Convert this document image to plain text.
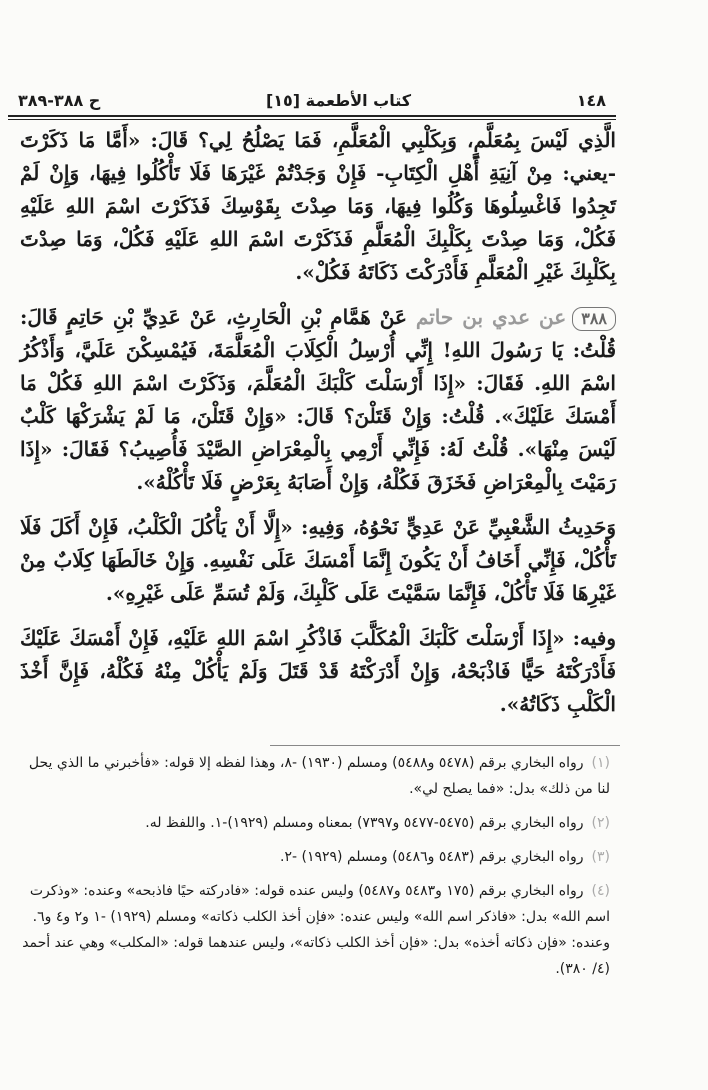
ح ٣٨٨-٣٨٩	[١٥] كتاب الأطعمة	١٤٨

الَّذِي لَيْسَ بِمُعَلَّمٍ، وَبِكَلْبِي الْمُعَلَّمِ، فَمَا يَصْلُحُ لِي؟ قَالَ: «أَمَّا مَا ذَكَرْتَ -يعني: مِنْ آنِيَةِ أَهْلِ الْكِتَابِ- فَإِنْ وَجَدْتُمْ غَيْرَهَا فَلَا تَأْكُلُوا فِيهَا، وَإِنْ لَمْ تَجِدُوا فَاغْسِلُوهَا وَكُلُوا فِيهَا، وَمَا صِدْتَ بِقَوْسِكَ فَذَكَرْتَ اسْمَ اللهِ عَلَيْهِ فَكُلْ، وَمَا صِدْتَ بِكَلْبِكَ الْمُعَلَّمِ فَذَكَرْتَ اسْمَ اللهِ عَلَيْهِ فَكُلْ، وَمَا صِدْتَ بِكَلْبِكَ غَيْرِ الْمُعَلَّمِ فَأَدْرَكْتَ ذَكَاتَهُ فَكُلْ».

٣٨٨عن عدي بن حاتم عَنْ هَمَّامِ بْنِ الْحَارِثِ، عَنْ عَدِيِّ بْنِ حَاتِمٍ قَالَ: قُلْتُ: يَا رَسُولَ اللهِ! إِنِّي أُرْسِلُ الْكِلَابَ الْمُعَلَّمَةَ، فَيُمْسِكْنَ عَلَيَّ، وَأَذْكُرُ اسْمَ اللهِ. فَقَالَ: «إِذَا أَرْسَلْتَ كَلْبَكَ الْمُعَلَّمَ، وَذَكَرْتَ اسْمَ اللهِ فَكُلْ مَا أَمْسَكَ عَلَيْكَ». قُلْتُ: وَإِنْ قَتَلْنَ؟ قَالَ: «وَإِنْ قَتَلْنَ، مَا لَمْ يَشْرَكْهَا كَلْبٌ لَيْسَ مِنْهَا». قُلْتُ لَهُ: فَإِنِّي أَرْمِي بِالْمِعْرَاضِ الصَّيْدَ فَأُصِيبُ؟ فَقَالَ: «إِذَا رَمَيْتَ بِالْمِعْرَاضِ فَخَزَقَ فَكُلْهُ، وَإِنْ أَصَابَهُ بِعَرْضٍ فَلَا تَأْكُلْهُ».

وَحَدِيثُ الشَّعْبِيِّ عَنْ عَدِيٍّ نَحْوُهُ، وَفِيهِ: «إِلَّا أَنْ يَأْكُلَ الْكَلْبُ، فَإِنْ أَكَلَ فَلَا تَأْكُلْ، فَإِنِّي أَخَافُ أَنْ يَكُونَ إِنَّمَا أَمْسَكَ عَلَى نَفْسِهِ. وَإِنْ خَالَطَهَا كِلَابٌ مِنْ غَيْرِهَا فَلَا تَأْكُلْ، فَإِنَّمَا سَمَّيْتَ عَلَى كَلْبِكَ، وَلَمْ تُسَمِّ عَلَى غَيْرِهِ».

وفيه: «إِذَا أَرْسَلْتَ كَلْبَكَ الْمُكَلَّبَ فَاذْكُرِ اسْمَ اللهِ عَلَيْهِ، فَإِنْ أَمْسَكَ عَلَيْكَ فَأَدْرَكْتَهُ حَيًّا فَاذْبَحْهُ، وَإِنْ أَدْرَكْتَهُ قَدْ قَتَلَ وَلَمْ يَأْكُلْ مِنْهُ فَكُلْهُ، فَإِنَّ أَخْذَ الْكَلْبِ ذَكَاتُهُ».

(١)رواه البخاري برقم (٥٤٧٨ و٥٤٨٨) ومسلم (١٩٣٠) -٨، وهذا لفظه إلا قوله: «فأخبرني ما الذي يحل لنا من ذلك» بدل: «فما يصلح لي».

(٢)رواه البخاري برقم (٥٤٧٥-٥٤٧٧ و٧٣٩٧) بمعناه ومسلم (١٩٢٩)-١. واللفظ له.

(٣)رواه البخاري برقم (٥٤٨٣ و٥٤٨٦) ومسلم (١٩٢٩) -٢.

(٤)رواه البخاري برقم (١٧٥ و٥٤٨٣ و٥٤٨٧) وليس عنده قوله: «فادركته حيًا فاذبحه» وعنده: «وذكرت اسم الله» بدل: «فاذكر اسم الله» وليس عنده: «فإن أخذ الكلب ذكاته» ومسلم (١٩٢٩) -١ و٢ و٤ و٦. وعنده: «فإن ذكاته أخذه» بدل: «فإن أخذ الكلب ذكاته»، وليس عندهما قوله: «المكلب» وهي عند أحمد (٤/ ٣٨٠).
